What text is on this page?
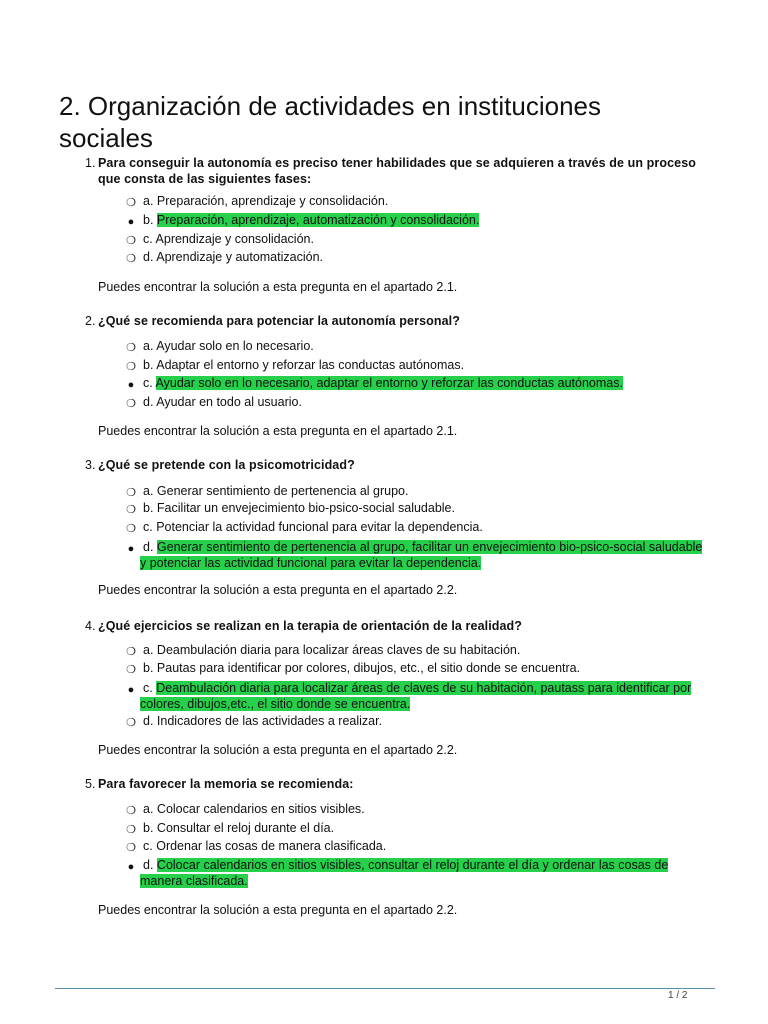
2. Organización de actividades en instituciones sociales
1. Para conseguir la autonomía es preciso tener habilidades que se adquieren a través de un proceso
que consta de las siguientes fases:
❍a. Preparación, aprendizaje y consolidación.
●b. Preparación, aprendizaje, automatización y consolidación.
❍c. Aprendizaje y consolidación.
❍d. Aprendizaje y automatización.
Puedes encontrar la solución a esta pregunta en el apartado 2.1.
2. ¿Qué se recomienda para potenciar la autonomía personal?
❍a. Ayudar solo en lo necesario.
❍b. Adaptar el entorno y reforzar las conductas autónomas.
●c. Ayudar solo en lo necesario, adaptar el entorno y reforzar las conductas autónomas.
❍d. Ayudar en todo al usuario.
Puedes encontrar la solución a esta pregunta en el apartado 2.1.
3. ¿Qué se pretende con la psicomotricidad?
❍a. Generar sentimiento de pertenencia al grupo.
❍b. Facilitar un envejecimiento bio-psico-social saludable.
❍c. Potenciar la actividad funcional para evitar la dependencia.
●d. Generar sentimiento de pertenencia al grupo, facilitar un envejecimiento bio-psico-social saludable
y potenciar las actividad funcional para evitar la dependencia.
Puedes encontrar la solución a esta pregunta en el apartado 2.2.
4. ¿Qué ejercicios se realizan en la terapia de orientación de la realidad?
❍a. Deambulación diaria para localizar áreas claves de su habitación.
❍b. Pautas para identificar por colores, dibujos, etc., el sitio donde se encuentra.
●c. Deambulación diaria para localizar áreas de claves de su habitación, pautass para identificar por
colores, dibujos,etc., el sitio donde se encuentra.
❍d. Indicadores de las actividades a realizar.
Puedes encontrar la solución a esta pregunta en el apartado 2.2.
5. Para favorecer la memoria se recomienda:
❍a. Colocar calendarios en sitios visibles.
❍b. Consultar el reloj durante el día.
❍c. Ordenar las cosas de manera clasificada.
●d. Colocar calendarios en sitios visibles, consultar el reloj durante el día y ordenar las cosas de
manera clasificada.
Puedes encontrar la solución a esta pregunta en el apartado 2.2.
1 / 2
